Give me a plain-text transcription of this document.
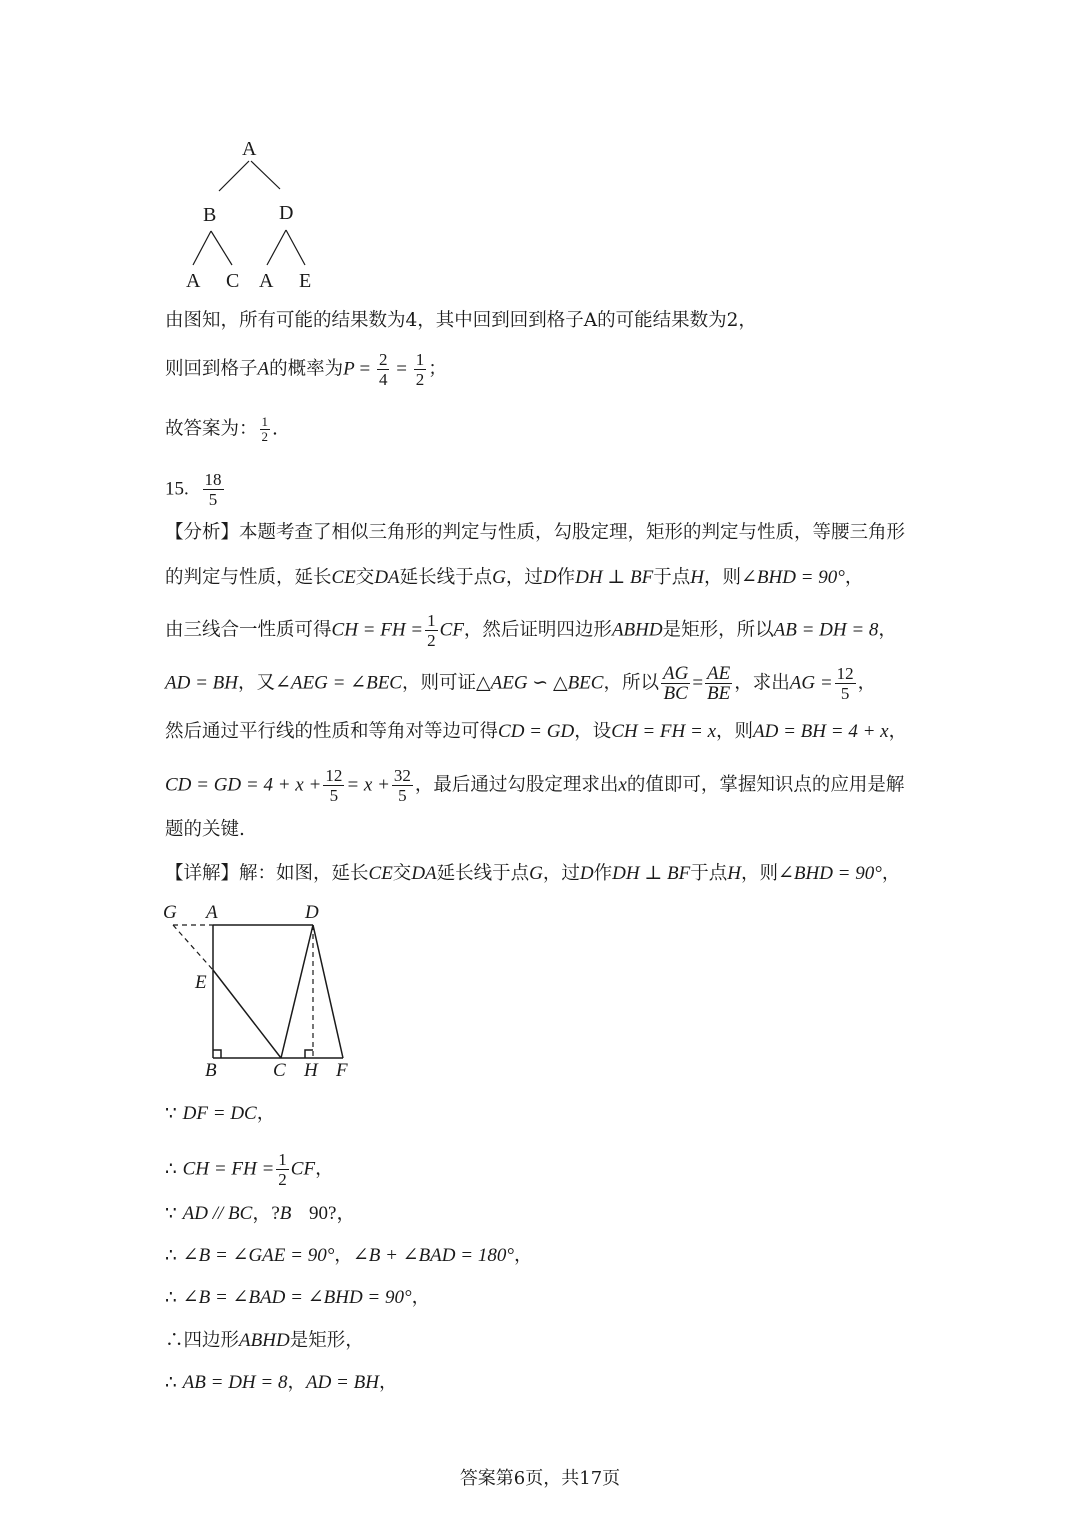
A
B	D
A C A E
由图知，所有可能的结果数为4，其中回到回到格子A的可能结果数为2，
则回到格子A的概率为$P = \frac{2}{4} = \frac{1}{2}$ ；
故答案为： $\frac{1}{2}$ .
15. $\frac{18}{5}$
【分析】本题考查了相似三角形的判定与性质，勾股定理，矩形的判定与性质，等腰三角形
的判定与性质，延长CE交DA延长线于点G，过D作DH ⊥ BF于点H，则∠BHD = 90°，
由三线合一性质可得CH = FH = $\frac{1}{2}$ CF，然后证明四边形ABHD是矩形，所以AB = DH = 8，
AD = BH，又∠AEG = ∠BEC，则可证△AEG ∽ △BEC，所以 $\frac{AG}{BC} = \frac{AE}{BE}$ ，求出AG = $\frac{12}{5}$ ，
然后通过平行线的性质和等角对等边可得CD = GD，设CH = FH = x，则AD = BH = 4 + x，
CD = GD = $4 + x + \frac{12}{5} = x + \frac{32}{5}$ ，最后通过勾股定理求出x的值即可，掌握知识点的应用是解
题的关键.
【详解】解：如图，延长CE交DA延长线于点G，过D作DH ⊥ BF于点H，则∠BHD = 90°，
G A	D
E
B	C H F
∵ DF = DC，
∴ CH = FH = $\frac{1}{2}$ CF，
∵ AD // BC，?B 90?，
∴ ∠B = ∠GAE = 90°，∠B + ∠BAD = 180°，
∴ ∠B = ∠BAD = ∠BHD = 90°，
∴四边形ABHD是矩形，
∴ AB = DH = 8，AD = BH，
答案第6页，共17页
